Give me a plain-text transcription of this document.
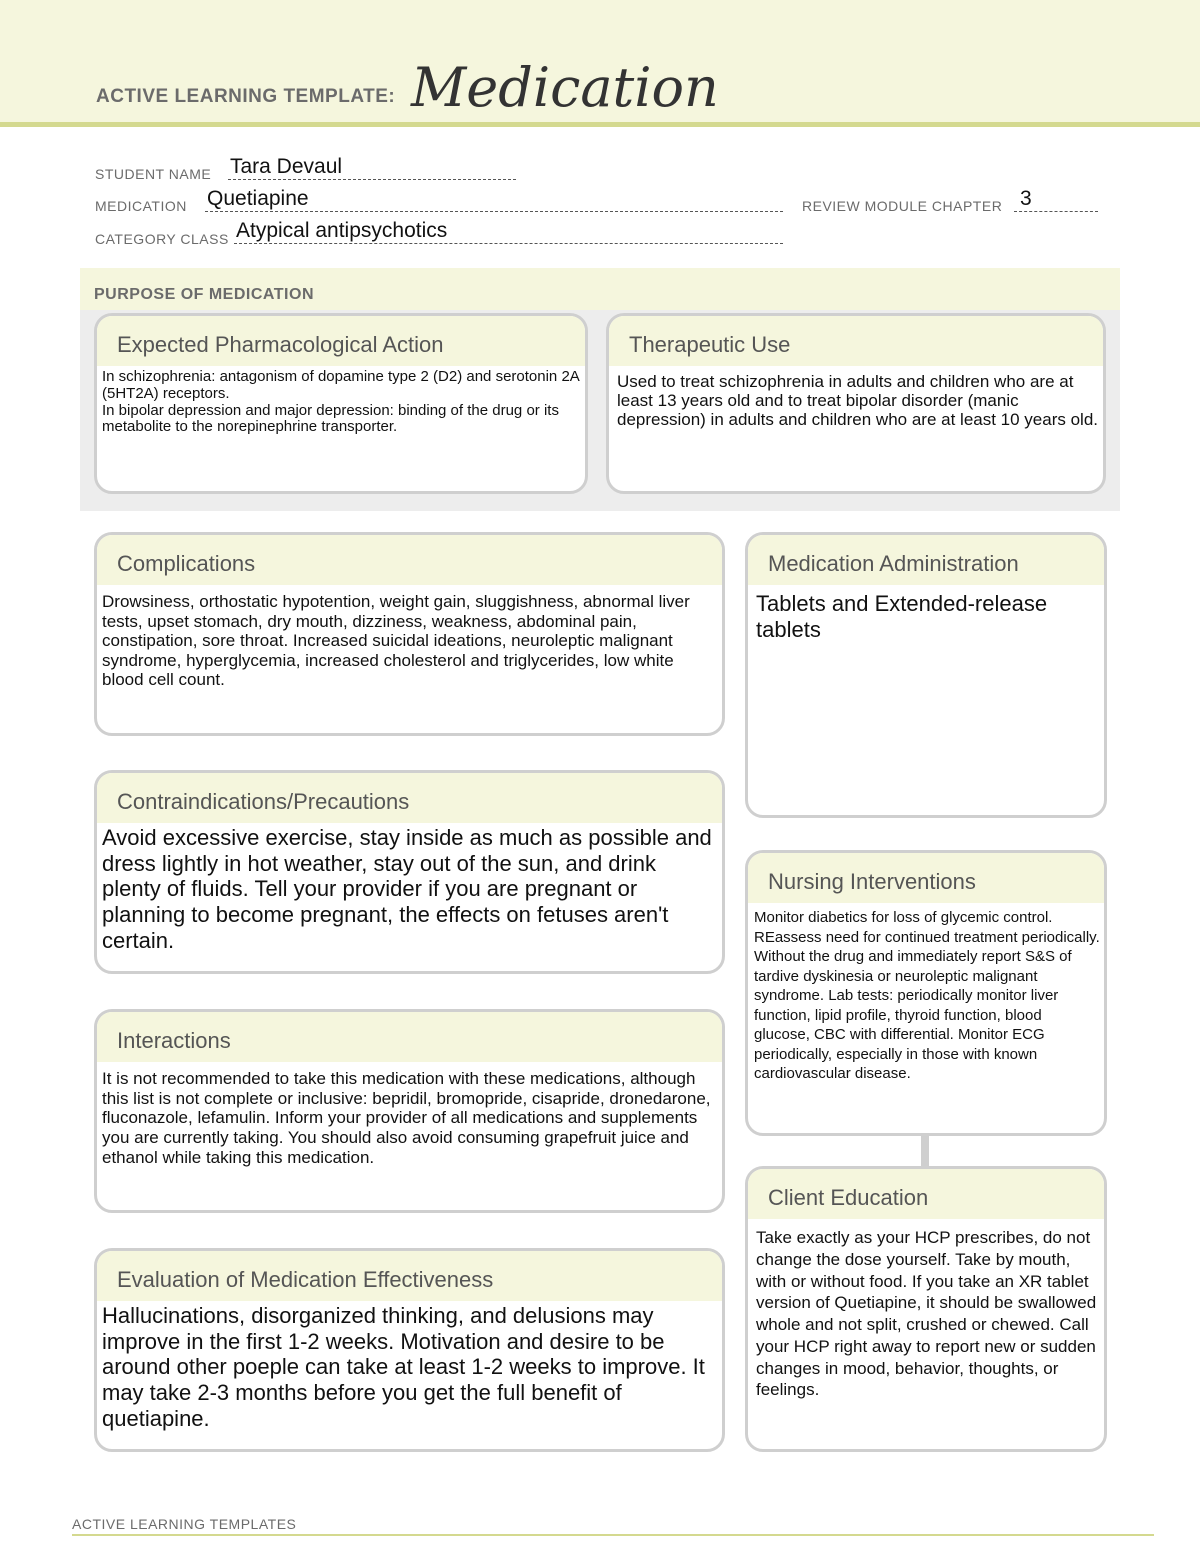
ACTIVE LEARNING TEMPLATE: Medication
STUDENT NAME Tara Devaul
MEDICATION Quetiapine	REVIEW MODULE CHAPTER 3
CATEGORY CLASS Atypical antipsychotics
PURPOSE OF MEDICATION
Expected Pharmacological Action
In schizophrenia: antagonism of dopamine type 2 (D2) and serotonin 2A (5HT2A) receptors.
In bipolar depression and major depression: binding of the drug or its metabolite to the norepinephrine transporter.
Therapeutic Use
Used to treat schizophrenia in adults and children who are at least 13 years old and to treat bipolar disorder (manic depression) in adults and children who are at least 10 years old.
Complications
Drowsiness, orthostatic hypotention, weight gain, sluggishness, abnormal liver tests, upset stomach, dry mouth, dizziness, weakness, abdominal pain, constipation, sore throat. Increased suicidal ideations, neuroleptic malignant syndrome, hyperglycemia, increased cholesterol and triglycerides, low white blood cell count.
Contraindications/Precautions
Avoid excessive exercise, stay inside as much as possible and dress lightly in hot weather, stay out of the sun, and drink plenty of fluids. Tell your provider if you are pregnant or planning to become pregnant, the effects on fetuses aren't certain.
Interactions
It is not recommended to take this medication with these medications, although this list is not complete or inclusive: bepridil, bromopride, cisapride, dronedarone, fluconazole, lefamulin. Inform your provider of all medications and supplements you are currently taking. You should also avoid consuming grapefruit juice and ethanol while taking this medication.
Evaluation of Medication Effectiveness
Hallucinations, disorganized thinking, and delusions may improve in the first 1-2 weeks. Motivation and desire to be around other poeple can take at least 1-2 weeks to improve. It may take 2-3 months before you get the full benefit of quetiapine.
Medication Administration
Tablets and Extended-release tablets
Nursing Interventions
Monitor diabetics for loss of glycemic control. REassess need for continued treatment periodically. Without the drug and immediately report S&S of tardive dyskinesia or neuroleptic malignant syndrome. Lab tests: periodically monitor liver function, lipid profile, thyroid function, blood glucose, CBC with differential. Monitor ECG periodically, especially in those with known cardiovascular disease.
Client Education
Take exactly as your HCP prescribes, do not change the dose yourself. Take by mouth, with or without food. If you take an XR tablet version of Quetiapine, it should be swallowed whole and not split, crushed or chewed. Call your HCP right away to report new or sudden changes in mood, behavior, thoughts, or feelings.
ACTIVE LEARNING TEMPLATES
